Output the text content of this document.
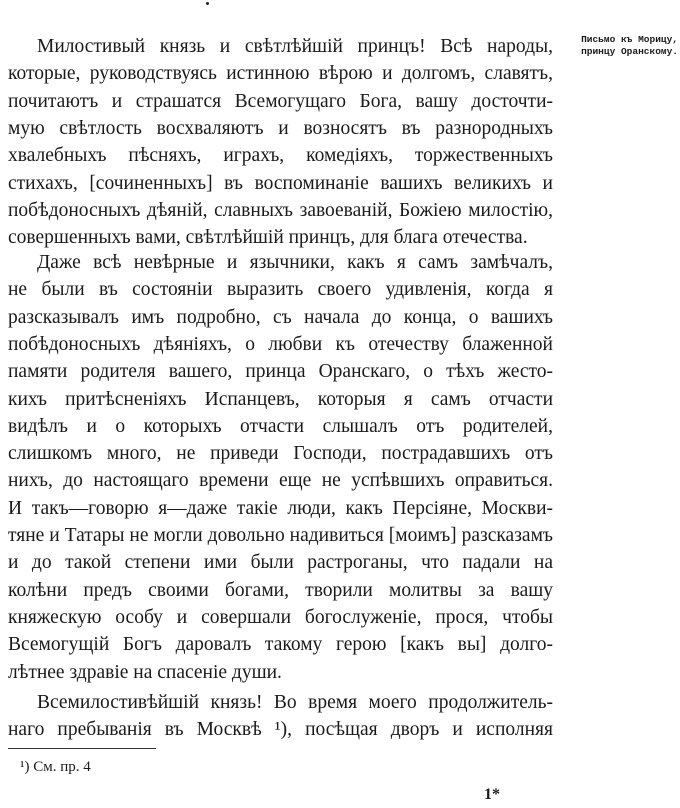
Письмо къ Морицу,
принцу Оранскому.
Милостивый князь и свѣтлѣйшій принцъ! Всѣ народы,
которые, руководствуясь истинною вѣрою и долгомъ, славятъ,
почитаютъ и страшатся Всемогущаго Бога, вашу досточти-
мую свѣтлость восхваляютъ и возносятъ въ разнородныхъ
хвалебныхъ пѣсняхъ, играхъ, комедіяхъ, торжественныхъ
стихахъ, [сочиненныхъ] въ воспоминаніе вашихъ великихъ и
побѣдоносныхъ дѣяній, славныхъ завоеваній, Божіею милостію,
совершенныхъ вами, свѣтлѣйшій принцъ, для блага отечества.
Даже всѣ невѣрные и язычники, какъ я самъ замѣчалъ,
не были въ состояніи выразить своего удивленія, когда я
разсказывалъ имъ подробно, съ начала до конца, о вашихъ
побѣдоносныхъ дѣяніяхъ, о любви къ отечеству блаженной
памяти родителя вашего, принца Оранскаго, о тѣхъ жесто-
кихъ притѣсненіяхъ Испанцевъ, которыя я самъ отчасти
видѣлъ и о которыхъ отчасти слышалъ отъ родителей,
слишкомъ много, не приведи Господи, пострадавшихъ отъ
нихъ, до настоящаго времени еще не успѣвшихъ оправиться.
И такъ—говорю я—даже такіе люди, какъ Персіяне, Москви-
тяне и Татары не могли довольно надивиться [моимъ] разсказамъ
и до такой степени ими были растроганы, что падали на
колѣни предъ своими богами, творили молитвы за вашу
княжескую особу и совершали богослуженіе, прося, чтобы
Всемогущій Богъ даровалъ такому герою [какъ вы] долго-
лѣтнее здравіе на спасеніе души.
Всемилостивѣйшій князь! Во время моего продолжитель-
наго пребыванія въ Москвѣ ¹), посѣщая дворъ и исполняя
¹) См. пр. 4
1*
